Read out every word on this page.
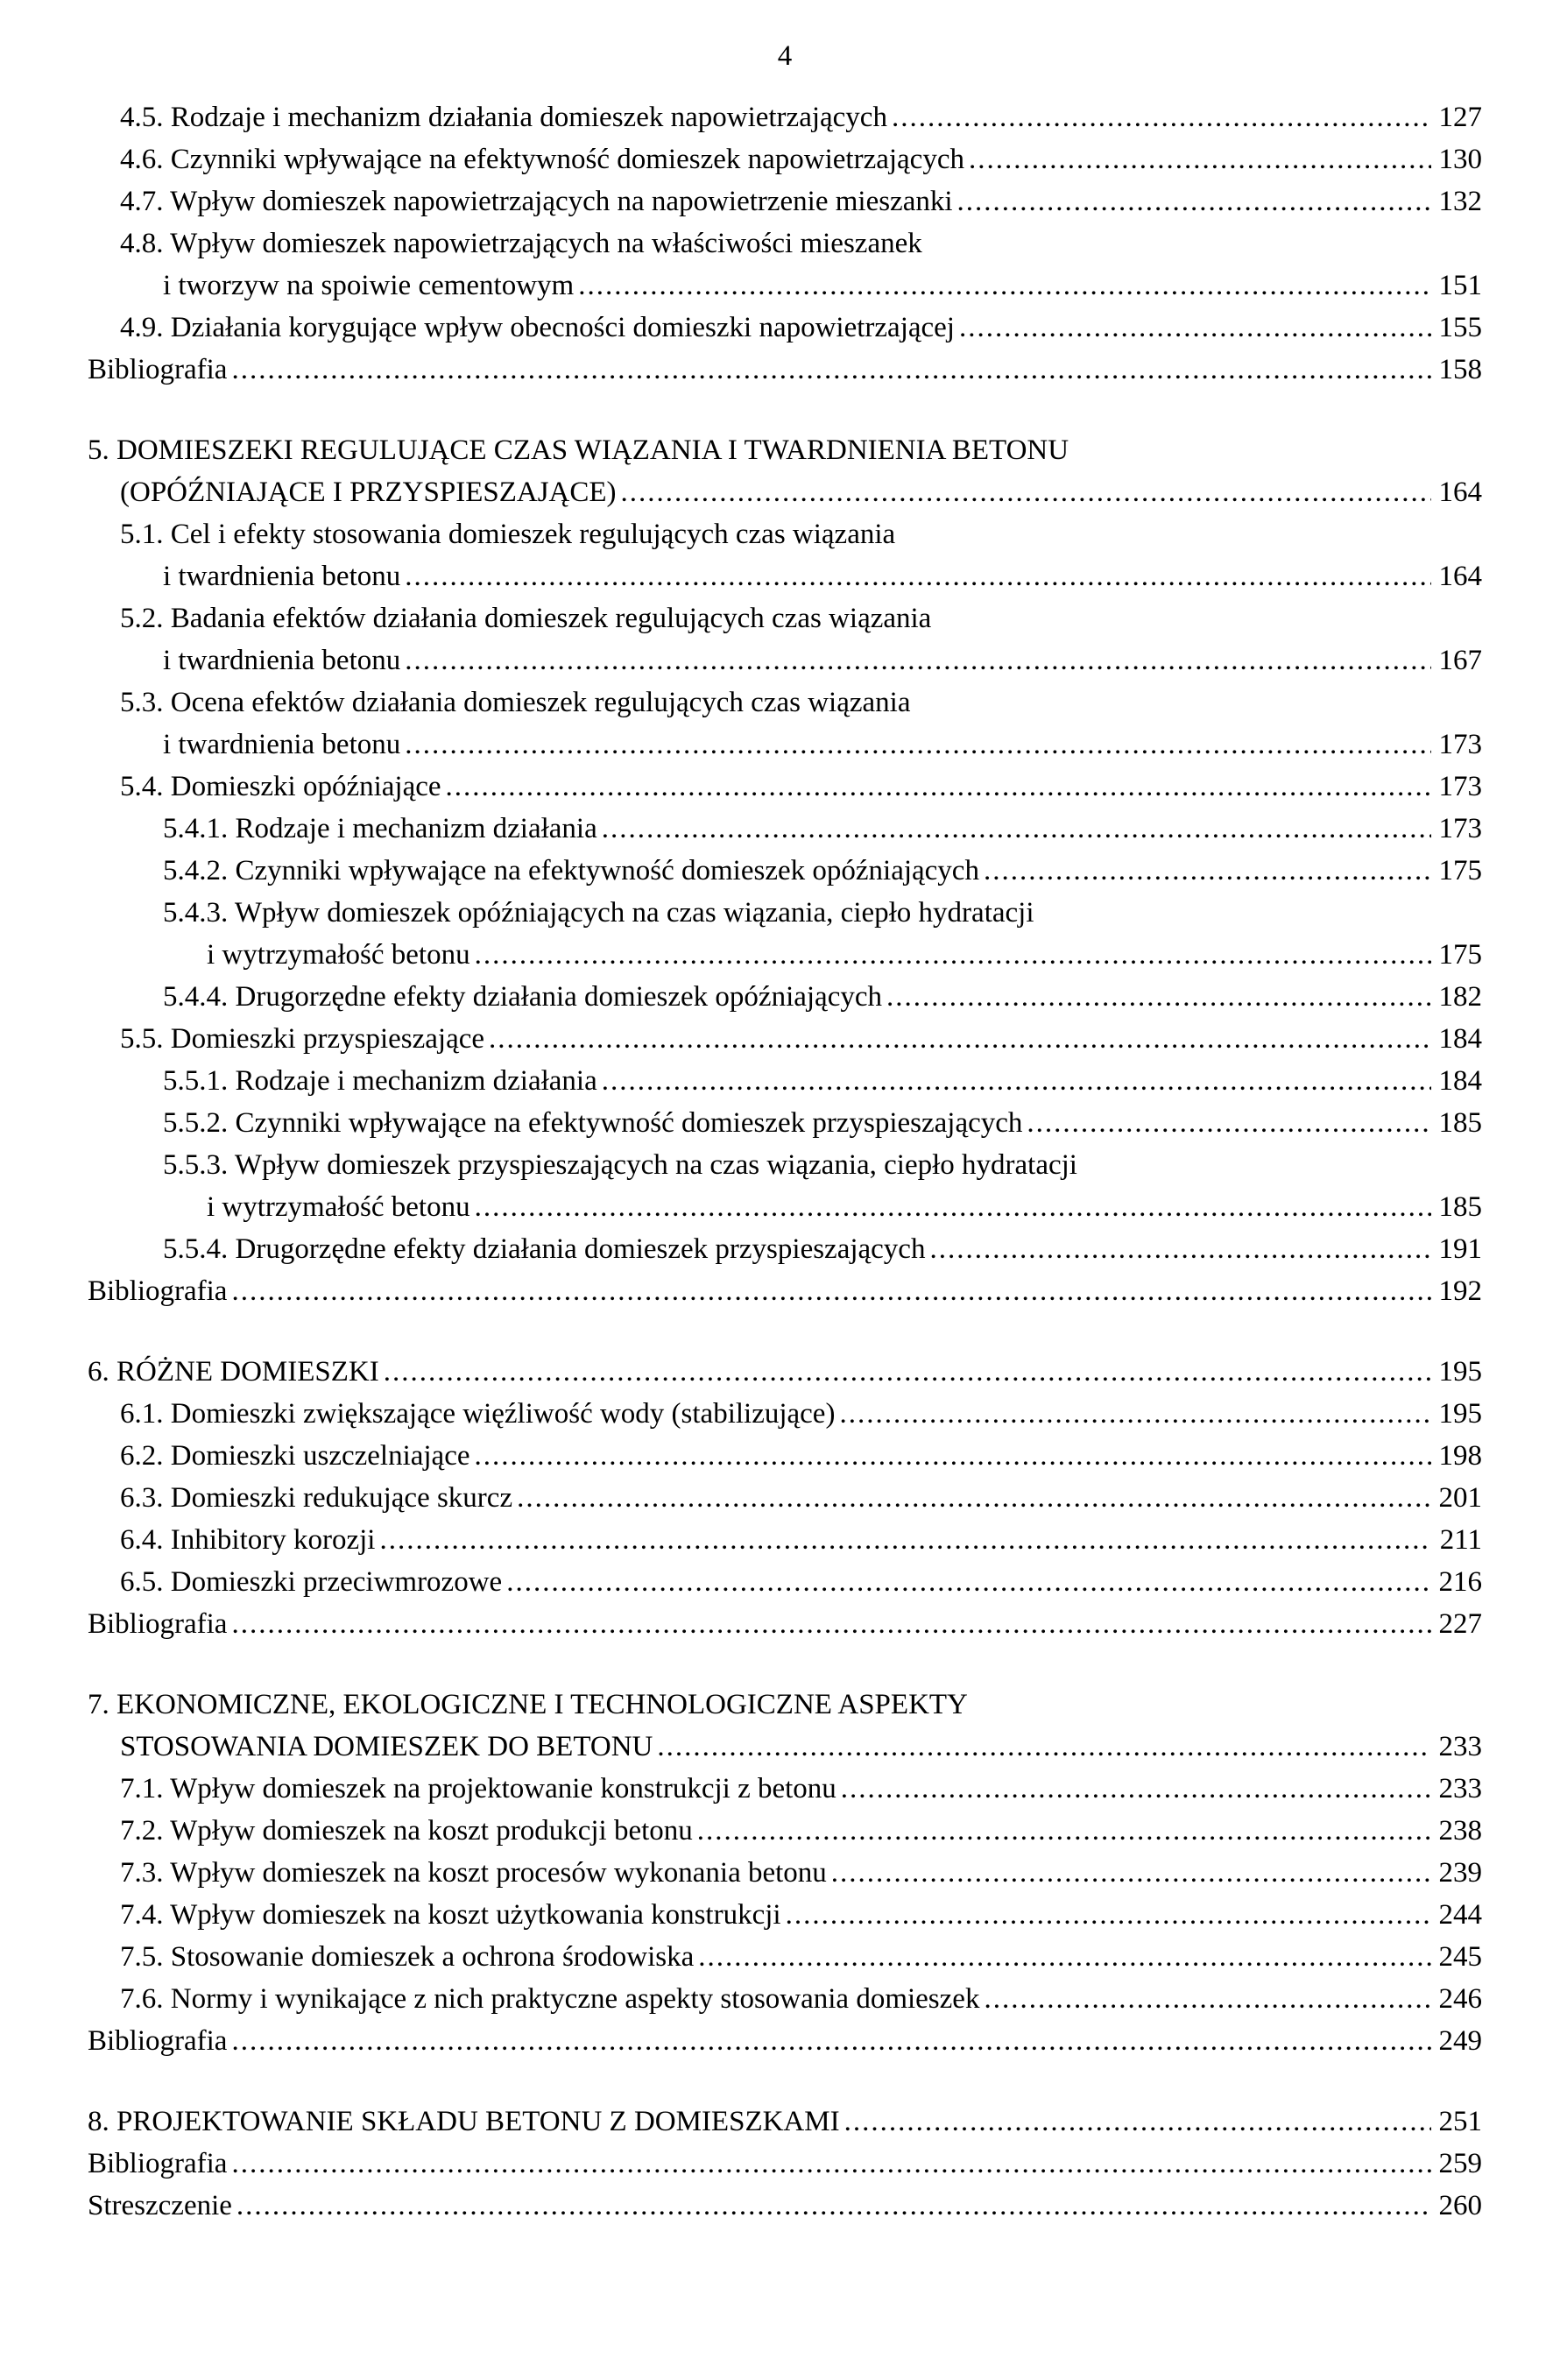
4
4.5. Rodzaje i mechanizm działania domieszek napowietrzających .....	127
4.6. Czynniki wpływające na efektywność domieszek napowietrzających .....	130
4.7. Wpływ domieszek napowietrzających na napowietrzenie mieszanki .....	132
4.8. Wpływ domieszek napowietrzających na właściwości mieszanek
i tworzyw na spoiwie cementowym .....	151
4.9. Działania korygujące wpływ obecności domieszki napowietrzającej .....	155
Bibliografia .....	158
5. DOMIESZEKI REGULUJĄCE CZAS WIĄZANIA I TWARDNIENIA BETONU
(OPÓŹNIAJĄCE I PRZYSPIESZAJĄCE) .....	164
5.1. Cel i efekty stosowania domieszek regulujących czas wiązania
i twardnienia betonu .....	164
5.2. Badania efektów działania domieszek regulujących czas wiązania
i twardnienia betonu .....	167
5.3. Ocena efektów działania domieszek regulujących czas wiązania
i twardnienia betonu .....	173
5.4. Domieszki opóźniające .....	173
5.4.1. Rodzaje i mechanizm działania .....	173
5.4.2. Czynniki wpływające na efektywność domieszek opóźniających .....	175
5.4.3. Wpływ domieszek opóźniających na czas wiązania, ciepło hydratacji
i wytrzymałość betonu .....	175
5.4.4. Drugorzędne efekty działania domieszek opóźniających .....	182
5.5. Domieszki przyspieszające .....	184
5.5.1. Rodzaje i mechanizm działania .....	184
5.5.2. Czynniki wpływające na efektywność domieszek przyspieszających .....	185
5.5.3. Wpływ domieszek przyspieszających na czas wiązania, ciepło hydratacji
i wytrzymałość betonu .....	185
5.5.4. Drugorzędne efekty działania domieszek przyspieszających .....	191
Bibliografia .....	192
6. RÓŻNE DOMIESZKI .....	195
6.1. Domieszki zwiększające więźliwość wody (stabilizujące) .....	195
6.2. Domieszki uszczelniające .....	198
6.3. Domieszki redukujące skurcz .....	201
6.4. Inhibitory korozji .....	211
6.5. Domieszki przeciwmrozowe .....	216
Bibliografia .....	227
7. EKONOMICZNE, EKOLOGICZNE I TECHNOLOGICZNE ASPEKTY
STOSOWANIA DOMIESZEK DO BETONU .....	233
7.1. Wpływ domieszek na projektowanie konstrukcji z betonu .....	233
7.2. Wpływ domieszek na koszt produkcji betonu .....	238
7.3. Wpływ domieszek na koszt procesów wykonania betonu .....	239
7.4. Wpływ domieszek na koszt użytkowania konstrukcji .....	244
7.5. Stosowanie domieszek a ochrona środowiska .....	245
7.6. Normy i wynikające z nich praktyczne aspekty stosowania domieszek .....	246
Bibliografia .....	249
8. PROJEKTOWANIE SKŁADU BETONU Z DOMIESZKAMI .....	251
Bibliografia .....	259
Streszczenie .....	260
